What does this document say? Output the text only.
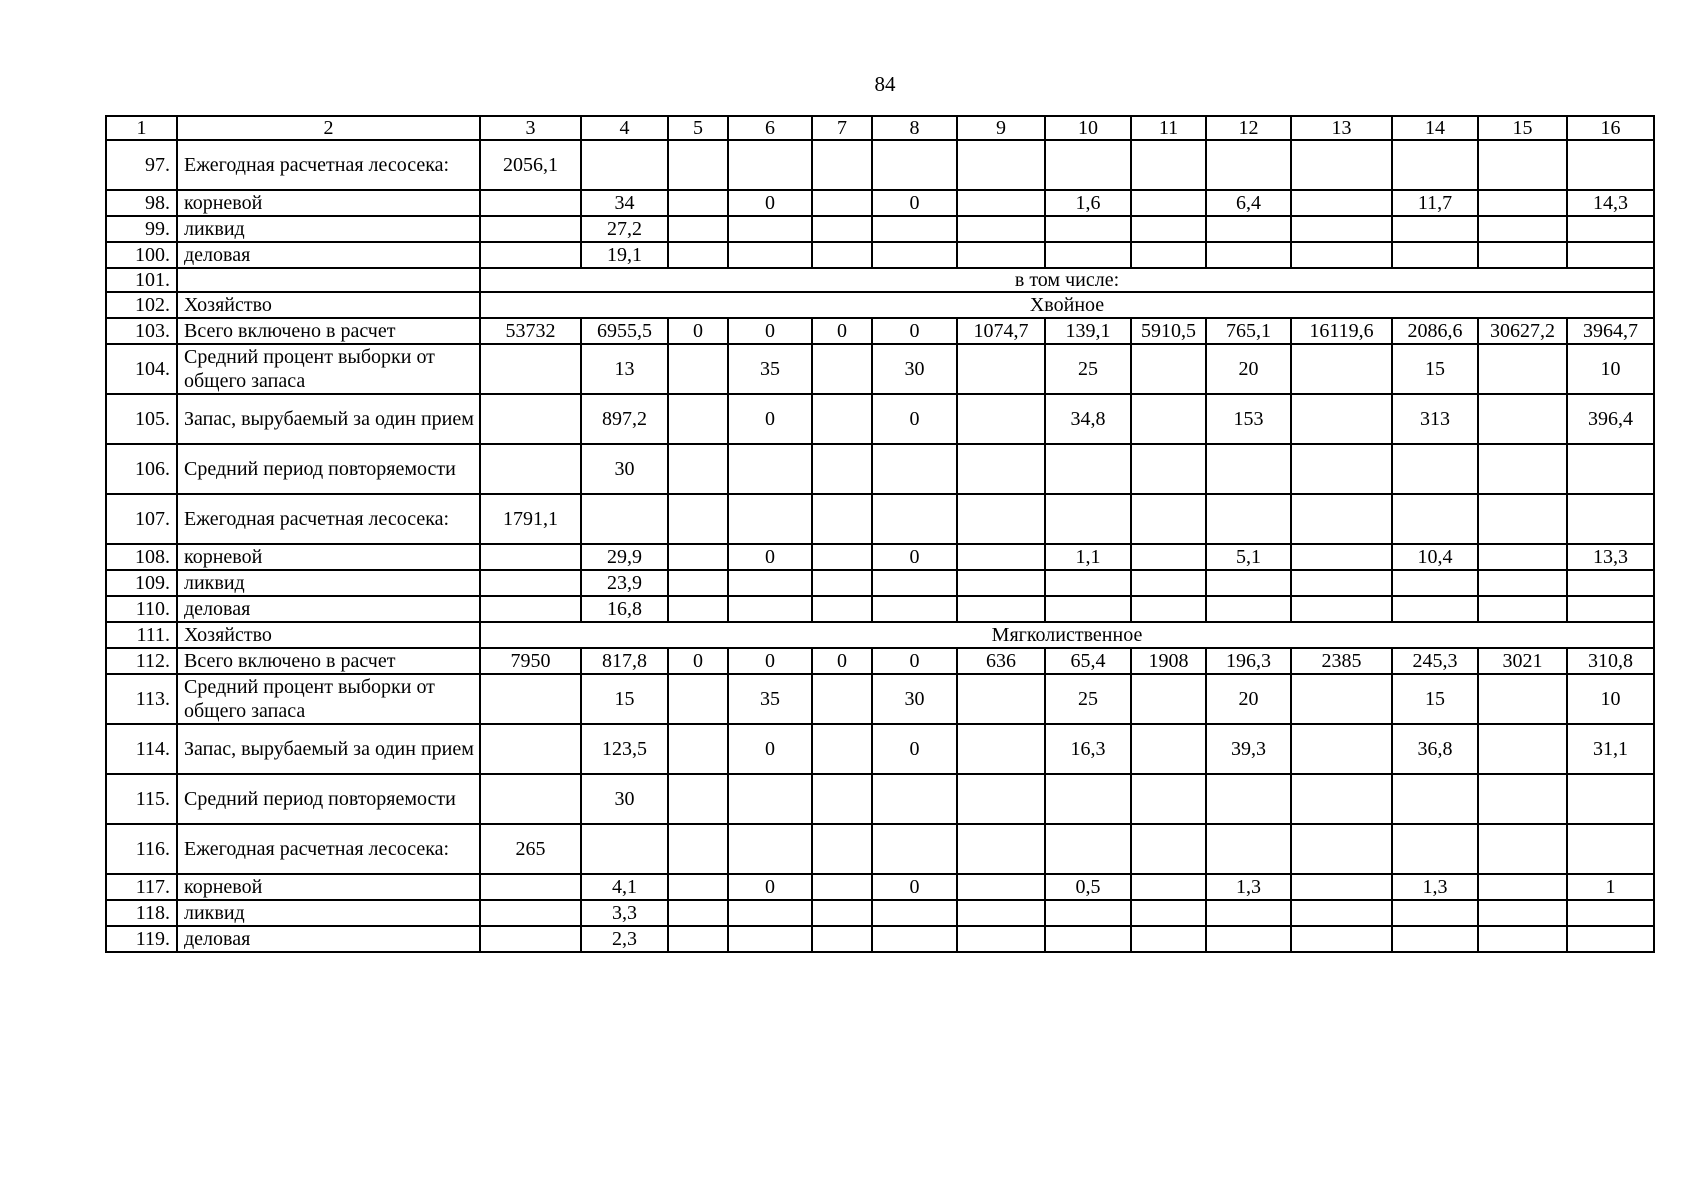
84
1	2	3	4	5	6	7	8	9	10	11	12	13	14	15	16
97.	Ежегодная расчетная лесосека:	2056,1													
98.	корневой		34		0		0		1,6		6,4		11,7		14,3
99.	ликвид		27,2												
100.	деловая		19,1												
101.		в том числе:													
102.	Хозяйство	Хвойное													
103.	Всего включено в расчет	53732	6955,5	0	0	0	0	1074,7	139,1	5910,5	765,1	16119,6	2086,6	30627,2	3964,7
104.	Средний процент выборки от общего запаса		13		35		30		25		20		15		10
105.	Запас, вырубаемый за один прием		897,2		0		0		34,8		153		313		396,4
106.	Средний период повторяемости		30												
107.	Ежегодная расчетная лесосека:	1791,1													
108.	корневой		29,9		0		0		1,1		5,1		10,4		13,3
109.	ликвид		23,9												
110.	деловая		16,8												
111.	Хозяйство	Мягколиственное													
112.	Всего включено в расчет	7950	817,8	0	0	0	0	636	65,4	1908	196,3	2385	245,3	3021	310,8
113.	Средний процент выборки от общего запаса		15		35		30		25		20		15		10
114.	Запас, вырубаемый за один прием		123,5		0		0		16,3		39,3		36,8		31,1
115.	Средний период повторяемости		30												
116.	Ежегодная расчетная лесосека:	265													
117.	корневой		4,1		0		0		0,5		1,3		1,3		1
118.	ликвид		3,3												
119.	деловая		2,3												
